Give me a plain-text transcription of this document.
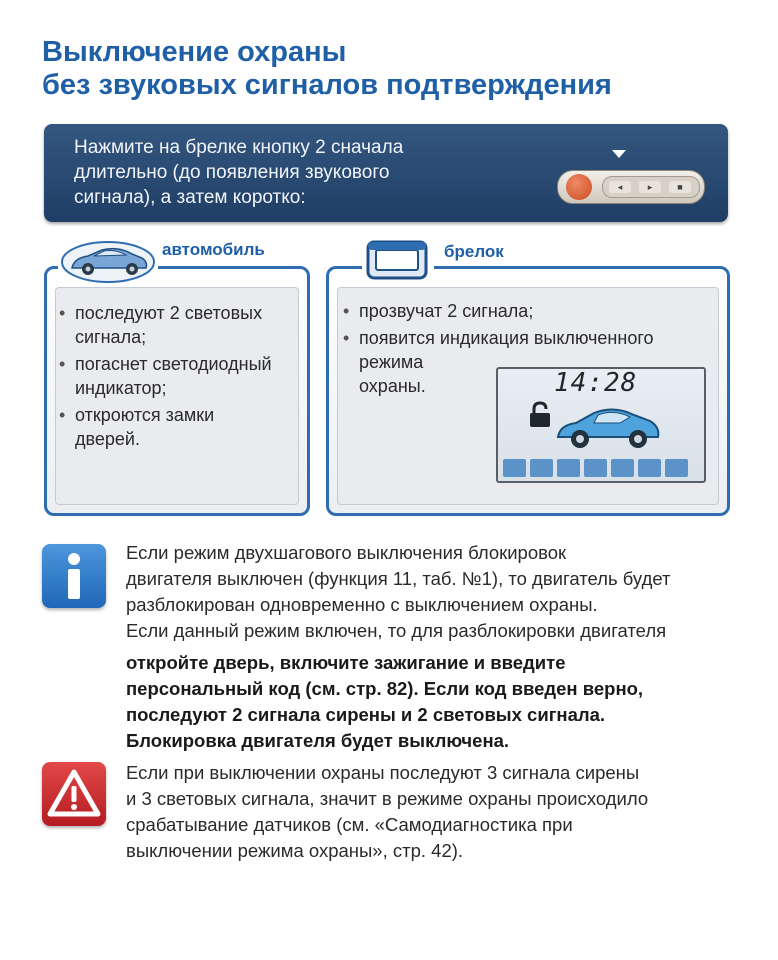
Выключение охраны
без звуковых сигналов подтверждения
Нажмите на брелке кнопку 2 сначала
длительно (до появления звукового
сигнала), а затем коротко:	◂	▸	■
• последуют 2 световых
сигнала;
• погаснет светодиодный
индикатор;
• откроются замки
дверей.
автомобиль
• прозвучат 2 сигнала;
• появится индикация выключенного
режима
охраны.
брелок
14:28
Если режим двухшагового выключения блокировок
двигателя выключен (функция 11, таб. №1), то двигатель будет
разблокирован одновременно с выключением охраны.
Если данный режим включен, то для разблокировки двигателя
откройте дверь, включите зажигание и введите
персональный код (см. стр. 82). Если код введен верно,
последуют 2 сигнала сирены и 2 световых сигнала.
Блокировка двигателя будет выключена.
Если при выключении охраны последуют 3 сигнала сирены
и 3 световых сигнала, значит в режиме охраны происходило
срабатывание датчиков (см. «Самодиагностика при
выключении режима охраны», стр. 42).
